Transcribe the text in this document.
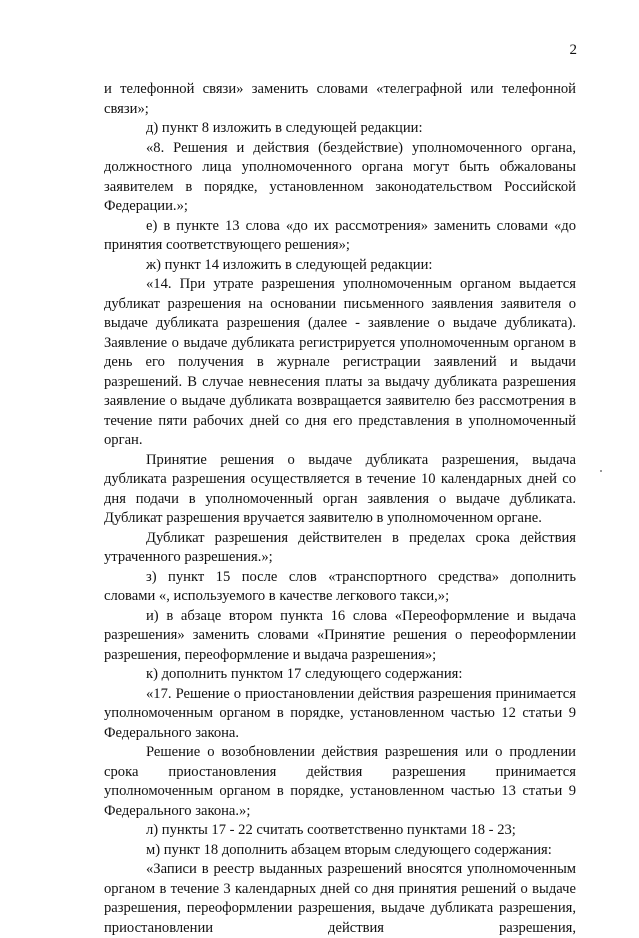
2

и телефонной связи» заменить словами «телеграфной или телефонной связи»;

д) пункт 8 изложить в следующей редакции:

«8. Решения и действия (бездействие) уполномоченного органа, должностного лица уполномоченного органа могут быть обжалованы заявителем в порядке, установленном законодательством Российской Федерации.»;

е) в пункте 13 слова «до их рассмотрения» заменить словами «до принятия соответствующего решения»;

ж) пункт 14 изложить в следующей редакции:

«14. При утрате разрешения уполномоченным органом выдается дубликат разрешения на основании письменного заявления заявителя о выдаче дубликата разрешения (далее - заявление о выдаче дубликата). Заявление о выдаче дубликата регистрируется уполномоченным органом в день его получения в журнале регистрации заявлений и выдачи разрешений. В случае невнесения платы за выдачу дубликата разрешения заявление о выдаче дубликата возвращается заявителю без рассмотрения в течение пяти рабочих дней со дня его представления в уполномоченный орган.

Принятие решения о выдаче дубликата разрешения, выдача дубликата разрешения осуществляется в течение 10 календарных дней со дня подачи в уполномоченный орган заявления о выдаче дубликата. Дубликат разрешения вручается заявителю в уполномоченном органе.

Дубликат разрешения действителен в пределах срока действия утраченного разрешения.»;

з) пункт 15 после слов «транспортного средства» дополнить словами «, используемого в качестве легкового такси,»;

и) в абзаце втором пункта 16 слова «Переоформление и выдача разрешения» заменить словами «Принятие решения о переоформлении разрешения, переоформление и выдача разрешения»;

к) дополнить пунктом 17 следующего содержания:

«17. Решение о приостановлении действия разрешения принимается уполномоченным органом в порядке, установленном частью 12 статьи 9 Федерального закона.

Решение о возобновлении действия разрешения или о продлении срока приостановления действия разрешения принимается уполномоченным органом в порядке, установленном частью 13 статьи 9 Федерального закона.»;

л) пункты 17 - 22 считать соответственно пунктами 18 - 23;

м) пункт 18 дополнить абзацем вторым следующего содержания:

«Записи в реестр выданных разрешений вносятся уполномоченным органом в течение 3 календарных дней со дня принятия решений о выдаче разрешения, переоформлении разрешения, выдаче дубликата разрешения, приостановлении действия разрешения,
